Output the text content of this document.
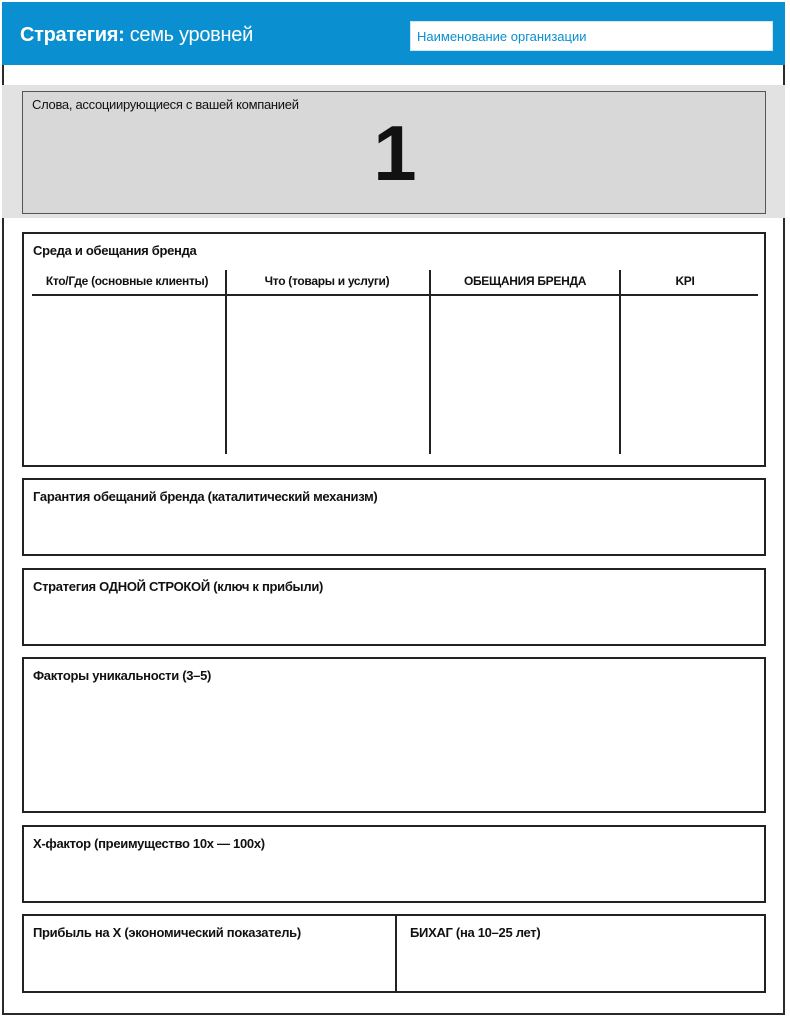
Стратегия: семь уровней
Наименование организации
Слова, ассоциирующиеся с вашей компанией
1
Среда и обещания бренда
Кто/Где (основные клиенты)	Что (товары и услуги)	ОБЕЩАНИЯ БРЕНДА	KPI
Гарантия обещаний бренда (каталитический механизм)
Стратегия ОДНОЙ СТРОКОЙ (ключ к прибыли)
Факторы уникальности (3–5)
Х-фактор (преимущество 10х — 100х)
Прибыль на Х (экономический показатель)	БИХАГ (на 10–25 лет)
